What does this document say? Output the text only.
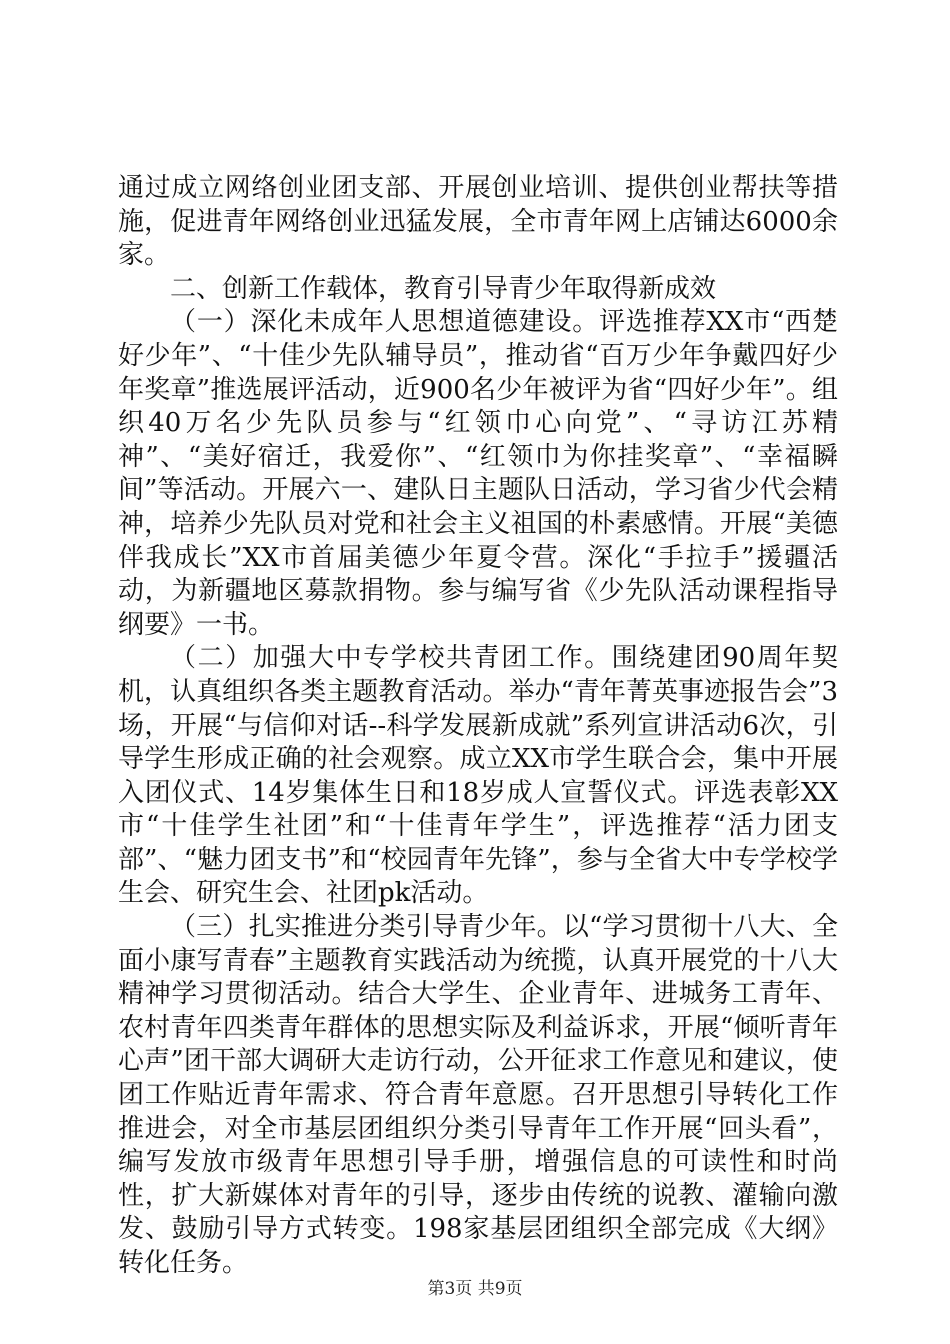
通过成立网络创业团支部、开展创业培训、提供创业帮扶等措施，促进青年网络创业迅猛发展，全市青年网上店铺达6000余家。

二、创新工作载体，教育引导青少年取得新成效

（一）深化未成年人思想道德建设。评选推荐XX市“西楚好少年”、“十佳少先队辅导员”，推动省“百万少年争戴四好少年奖章”推选展评活动，近900名少年被评为省“四好少年”。组织40万名少先队员参与“红领巾心向党”、“寻访江苏精神”、“美好宿迁，我爱你”、“红领巾为你挂奖章”、“幸福瞬间”等活动。开展六一、建队日主题队日活动，学习省少代会精神，培养少先队员对党和社会主义祖国的朴素感情。开展“美德伴我成长”XX市首届美德少年夏令营。深化“手拉手”援疆活动，为新疆地区募款捐物。参与编写省《少先队活动课程指导纲要》一书。

（二）加强大中专学校共青团工作。围绕建团90周年契机，认真组织各类主题教育活动。举办“青年菁英事迹报告会”3场，开展“与信仰对话--科学发展新成就”系列宣讲活动6次，引导学生形成正确的社会观察。成立XX市学生联合会，集中开展入团仪式、14岁集体生日和18岁成人宣誓仪式。评选表彰XX市“十佳学生社团”和“十佳青年学生”，评选推荐“活力团支部”、“魅力团支书”和“校园青年先锋”，参与全省大中专学校学生会、研究生会、社团pk活动。

（三）扎实推进分类引导青少年。以“学习贯彻十八大、全面小康写青春”主题教育实践活动为统揽，认真开展党的十八大精神学习贯彻活动。结合大学生、企业青年、进城务工青年、农村青年四类青年群体的思想实际及利益诉求，开展“倾听青年心声”团干部大调研大走访行动，公开征求工作意见和建议，使团工作贴近青年需求、符合青年意愿。召开思想引导转化工作推进会，对全市基层团组织分类引导青年工作开展“回头看”，编写发放市级青年思想引导手册，增强信息的可读性和时尚性，扩大新媒体对青年的引导，逐步由传统的说教、灌输向激发、鼓励引导方式转变。198家基层团组织全部完成《大纲》转化任务。

第3页 共9页
